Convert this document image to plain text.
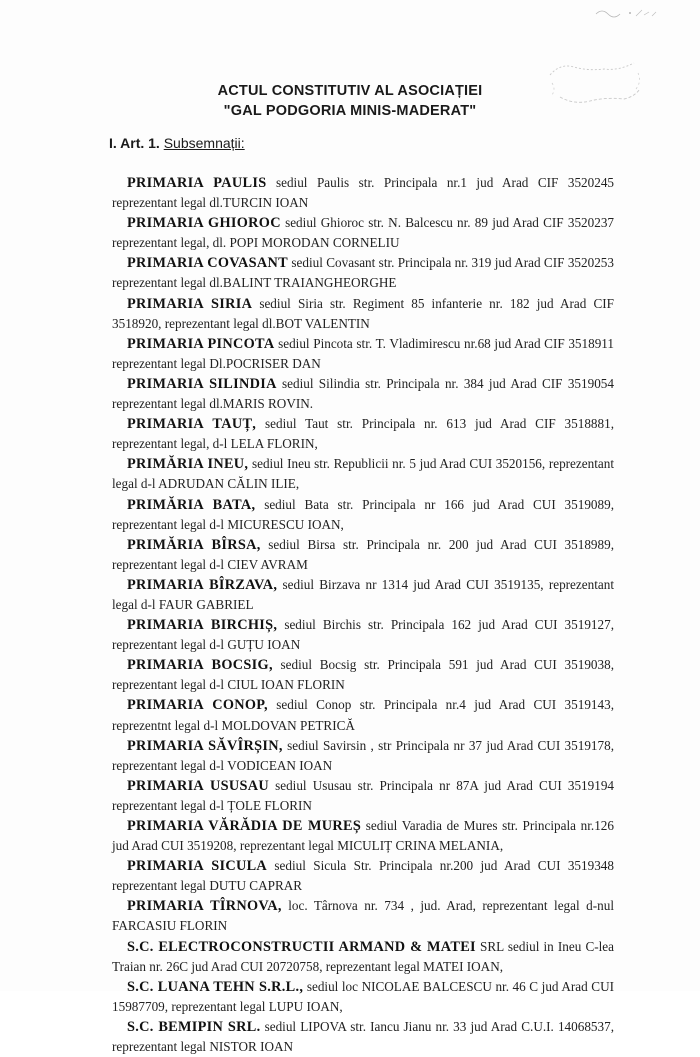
ACTUL CONSTITUTIV AL ASOCIAȚIEI
"GAL PODGORIA MINIS-MADERAT"
I. Art. 1. Subsemnații:

PRIMARIA PAULIS sediul Paulis str. Principala nr.1 jud Arad CIF 3520245 reprezentant legal dl.TURCIN IOAN

PRIMARIA GHIOROC sediul Ghioroc str. N. Balcescu nr. 89 jud Arad CIF 3520237 reprezentant legal, dl. POPI MORODAN CORNELIU

PRIMARIA COVASANT sediul Covasant str. Principala nr. 319 jud Arad CIF 3520253 reprezentant legal dl.BALINT TRAIANGHEORGHE

PRIMARIA SIRIA sediul Siria str. Regiment 85 infanterie nr. 182 jud Arad CIF 3518920, reprezentant legal dl.BOT VALENTIN

PRIMARIA PINCOTA sediul Pincota str. T. Vladimirescu nr.68 jud Arad CIF 3518911 reprezentant legal Dl.POCRISER DAN

PRIMARIA SILINDIA sediul Silindia str. Principala nr. 384 jud Arad CIF 3519054 reprezentant legal dl.MARIS ROVIN.

PRIMARIA TAUȚ, sediul Taut str. Principala nr. 613 jud Arad CIF 3518881, reprezentant legal, d-l LELA FLORIN,

PRIMĂRIA INEU, sediul Ineu str. Republicii nr. 5 jud Arad CUI 3520156, reprezentant legal d-l ADRUDAN CĂLIN ILIE,

PRIMĂRIA BATA, sediul Bata str. Principala nr 166 jud Arad CUI 3519089, reprezentant legal d-l MICURESCU IOAN,

PRIMĂRIA BÎRSA, sediul Birsa str. Principala nr. 200 jud Arad CUI 3518989, reprezentant legal d-l CIEV AVRAM

PRIMARIA BÎRZAVA, sediul Birzava nr 1314 jud Arad CUI 3519135, reprezentant legal d-l FAUR GABRIEL

PRIMARIA BIRCHIȘ, sediul Birchis str. Principala 162 jud Arad CUI 3519127, reprezentant legal d-l GUȚU IOAN

PRIMARIA BOCSIG, sediul Bocsig str. Principala 591 jud Arad CUI 3519038, reprezentant legal d-l CIUL IOAN FLORIN

PRIMARIA CONOP, sediul Conop str. Principala nr.4 jud Arad CUI 3519143, reprezentnt legal d-l MOLDOVAN PETRICĂ

PRIMARIA SĂVÎRȘIN, sediul Savirsin , str Principala nr 37 jud Arad CUI 3519178, reprezentant legal d-l VODICEAN IOAN

PRIMARIA USUSAU sediul Ususau str. Principala nr 87A jud Arad CUI 3519194 reprezentant legal d-l ȚOLE FLORIN

PRIMARIA VĂRĂDIA DE MUREȘ sediul Varadia de Mures str. Principala nr.126 jud Arad CUI 3519208, reprezentant legal MICULIȚ CRINA MELANIA,

PRIMARIA SICULA sediul Sicula Str. Principala nr.200 jud Arad CUI 3519348 reprezentant legal DUTU CAPRAR

PRIMARIA TÎRNOVA, loc. Târnova nr. 734 , jud. Arad, reprezentant legal d-nul FARCASIU FLORIN

S.C. ELECTROCONSTRUCTII ARMAND & MATEI SRL sediul in Ineu C-lea Traian nr. 26C jud Arad CUI 20720758, reprezentant legal MATEI IOAN,

S.C. LUANA TEHN S.R.L., sediul loc NICOLAE BALCESCU nr. 46 C jud Arad CUI 15987709, reprezentant legal LUPU IOAN,

S.C. BEMIPIN SRL. sediul LIPOVA str. Iancu Jianu nr. 33 jud Arad C.U.I. 14068537, reprezentant legal NISTOR IOAN
